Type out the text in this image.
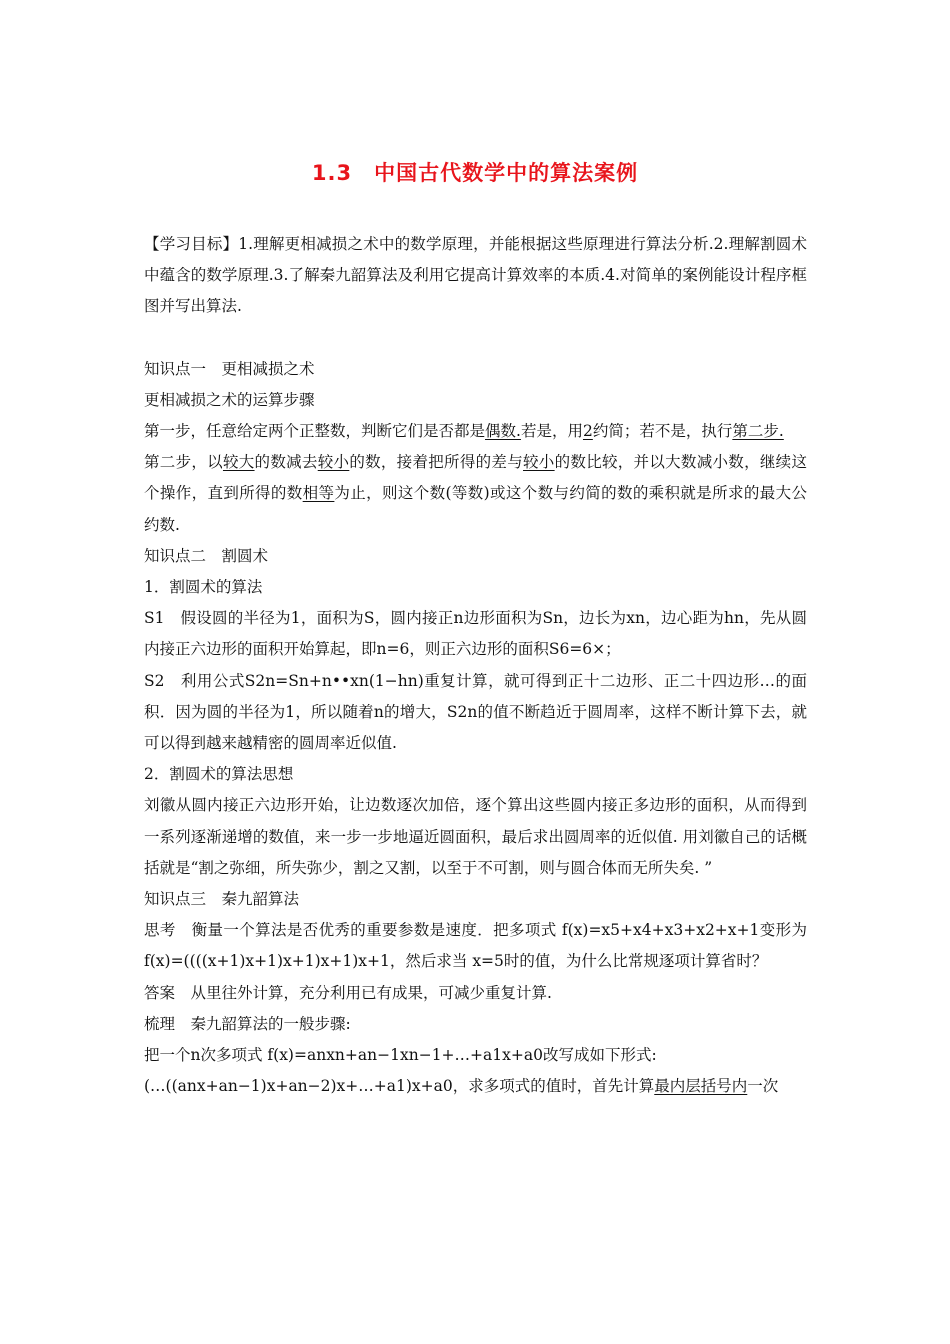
1.3　中国古代数学中的算法案例

【学习目标】1.理解更相减损之术中的数学原理，并能根据这些原理进行算法分析.2.理解割圆术中蕴含的数学原理.3.了解秦九韶算法及利用它提高计算效率的本质.4.对简单的案例能设计程序框图并写出算法.

知识点一　更相减损之术

更相减损之术的运算步骤

第一步，任意给定两个正整数，判断它们是否都是偶数.若是，用2约简；若不是，执行第二步.

第二步，以较大的数减去较小的数，接着把所得的差与较小的数比较，并以大数减小数，继续这个操作，直到所得的数相等为止，则这个数(等数)或这个数与约简的数的乘积就是所求的最大公约数.

知识点二　割圆术

1．割圆术的算法

S1　假设圆的半径为1，面积为S，圆内接正n边形面积为Sn，边长为xn，边心距为hn，先从圆内接正六边形的面积开始算起，即n=6，则正六边形的面积S6=6×；

S2　利用公式S2n=Sn+n••xn(1−hn)重复计算，就可得到正十二边形、正二十四边形…的面积．因为圆的半径为1，所以随着n的增大，S2n的值不断趋近于圆周率，这样不断计算下去，就可以得到越来越精密的圆周率近似值.

2．割圆术的算法思想

刘徽从圆内接正六边形开始，让边数逐次加倍，逐个算出这些圆内接正多边形的面积，从而得到一系列逐渐递增的数值，来一步一步地逼近圆面积，最后求出圆周率的近似值. 用刘徽自己的话概括就是“割之弥细，所失弥少，割之又割，以至于不可割，则与圆合体而无所失矣. ”

知识点三　秦九韶算法

思考　 衡量一个算法是否优秀的重要参数是速度．把多项式 f(x)=x5+x4+x3+x2+x+1变形为 f(x)=((((x+1)x+1)x+1)x+1)x+1，然后求当 x=5时的值，为什么比常规逐项计算省时？

答案　 从里往外计算，充分利用已有成果，可减少重复计算.

梳理　 秦九韶算法的一般步骤:

把一个n次多项式 f(x)=anxn+an−1xn−1+…+a1x+a0改写成如下形式:

(…((anx+an−1)x+an−2)x+…+a1)x+a0，求多项式的值时，首先计算最内层括号内一次
